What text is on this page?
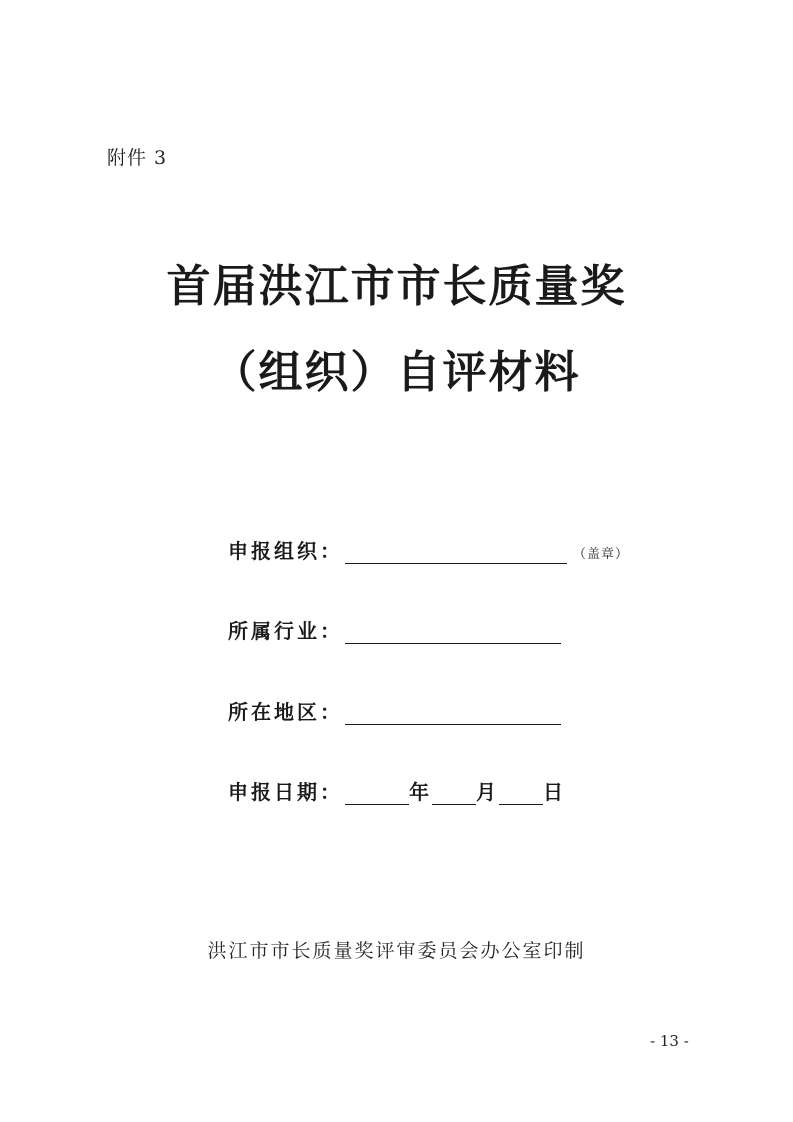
附件 3
首届洪江市市长质量奖
（组织）自评材料
申报组织：	（盖章）
所属行业：
所在地区：
申报日期：	年 月 日
洪江市市长质量奖评审委员会办公室印制
- 13 -
